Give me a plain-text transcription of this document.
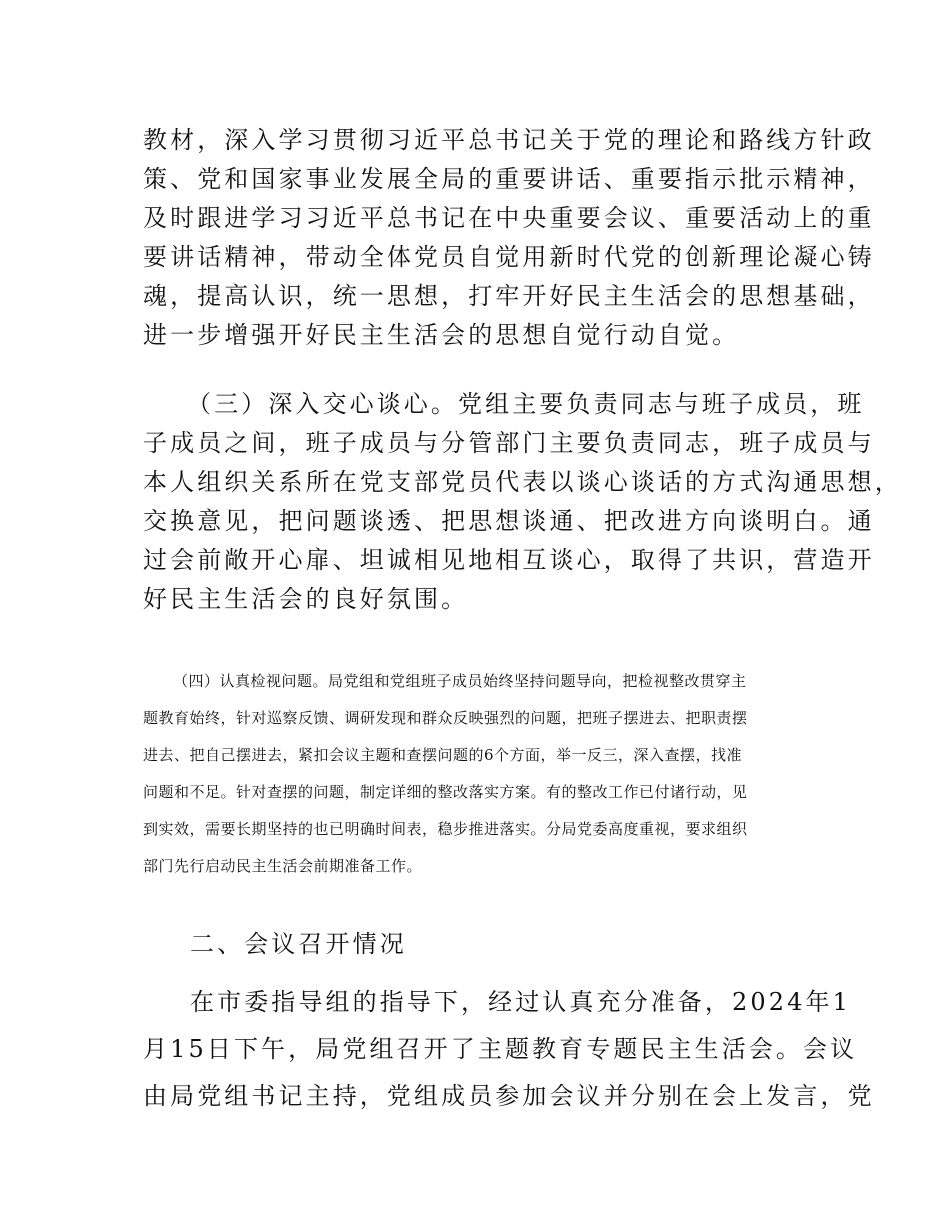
教材，深入学习贯彻习近平总书记关于党的理论和路线方针政

策、党和国家事业发展全局的重要讲话、重要指示批示精神，

及时跟进学习习近平总书记在中央重要会议、重要活动上的重

要讲话精神，带动全体党员自觉用新时代党的创新理论凝心铸

魂，提高认识，统一思想，打牢开好民主生活会的思想基础，

进一步增强开好民主生活会的思想自觉行动自觉。

（三）深入交心谈心。党组主要负责同志与班子成员，班

子成员之间，班子成员与分管部门主要负责同志，班子成员与

本人组织关系所在党支部党员代表以谈心谈话的方式沟通思想，

交换意见，把问题谈透、把思想谈通、把改进方向谈明白。通

过会前敞开心扉、坦诚相见地相互谈心，取得了共识，营造开

好民主生活会的良好氛围。

（四）认真检视问题。局党组和党组班子成员始终坚持问题导向，把检视整改贯穿主

题教育始终，针对巡察反馈、调研发现和群众反映强烈的问题，把班子摆进去、把职责摆

进去、把自己摆进去，紧扣会议主题和查摆问题的6个方面，举一反三，深入查摆，找准

问题和不足。针对查摆的问题，制定详细的整改落实方案。有的整改工作已付诸行动，见

到实效，需要长期坚持的也已明确时间表，稳步推进落实。分局党委高度重视，要求组织

部门先行启动民主生活会前期准备工作。

二、会议召开情况

在市委指导组的指导下，经过认真充分准备，2024年1

月15日下午，局党组召开了主题教育专题民主生活会。会议

由局党组书记主持，党组成员参加会议并分别在会上发言，党
